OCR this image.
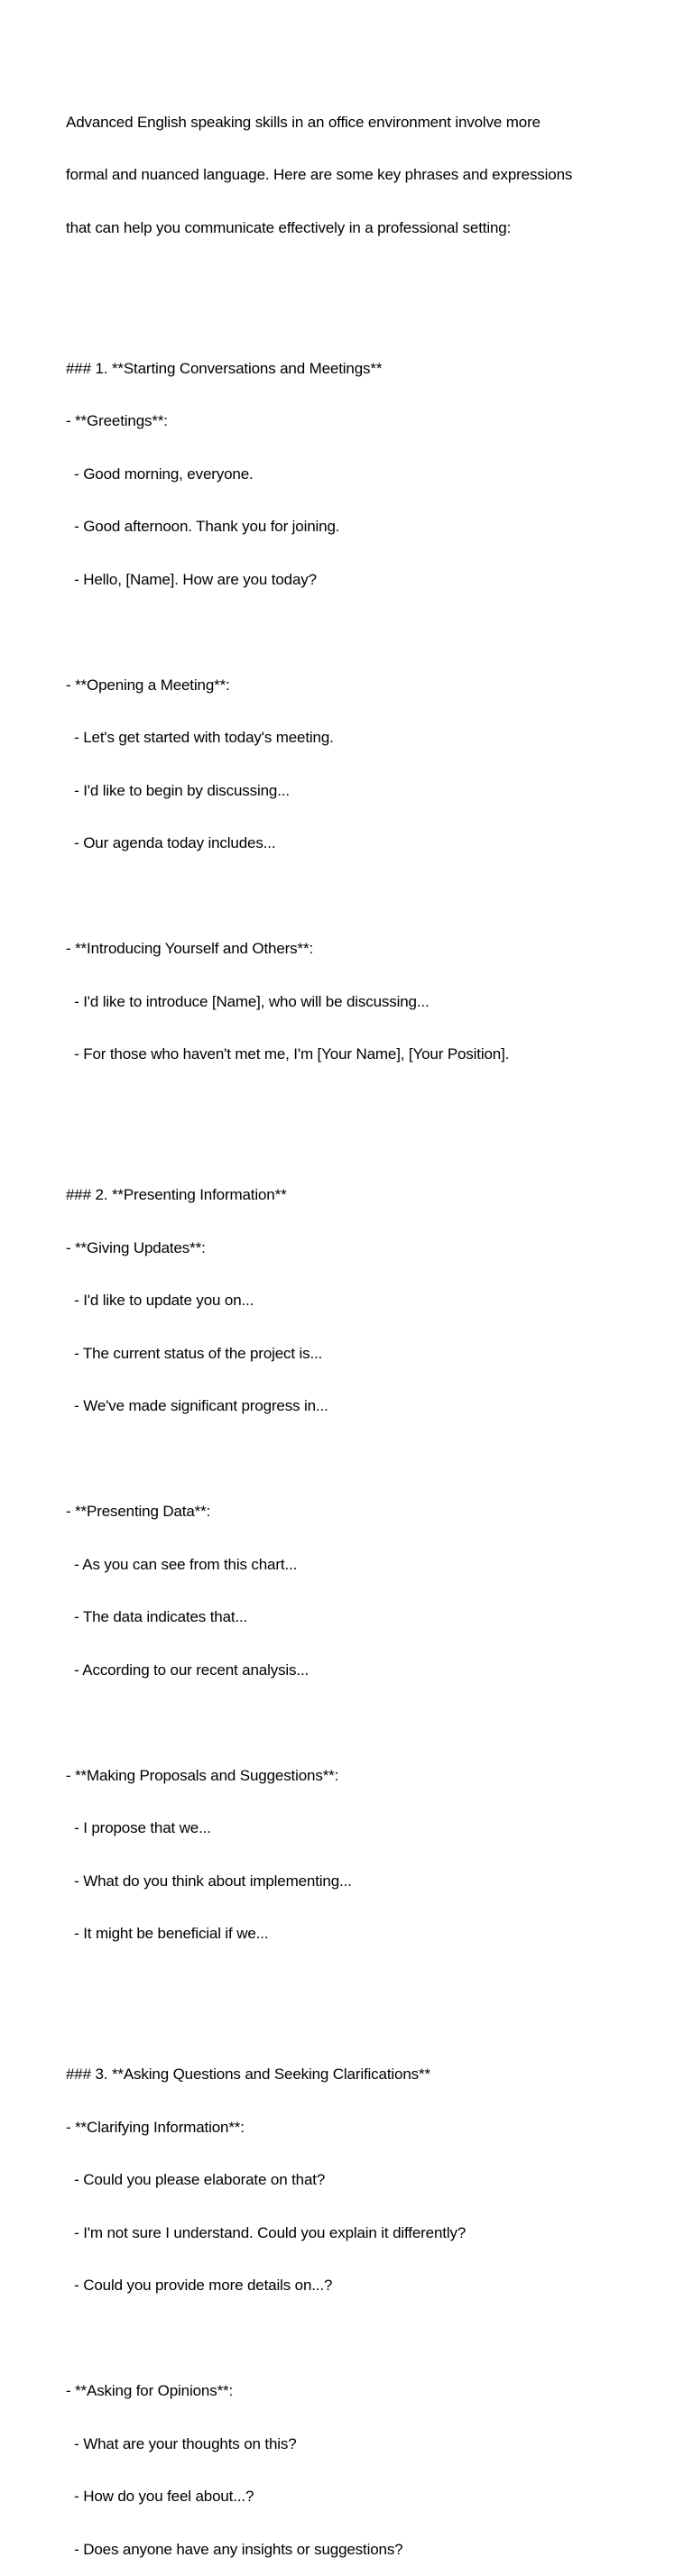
Advanced English speaking skills in an office environment involve more

formal and nuanced language. Here are some key phrases and expressions

that can help you communicate effectively in a professional setting:

### 1. **Starting Conversations and Meetings**

- **Greetings**:

- Good morning, everyone.

- Good afternoon. Thank you for joining.

- Hello, [Name]. How are you today?

- **Opening a Meeting**:

- Let's get started with today's meeting.

- I'd like to begin by discussing...

- Our agenda today includes...

- **Introducing Yourself and Others**:

- I'd like to introduce [Name], who will be discussing...

- For those who haven't met me, I'm [Your Name], [Your Position].

### 2. **Presenting Information**

- **Giving Updates**:

- I'd like to update you on...

- The current status of the project is...

- We've made significant progress in...

- **Presenting Data**:

- As you can see from this chart...

- The data indicates that...

- According to our recent analysis...

- **Making Proposals and Suggestions**:

- I propose that we...

- What do you think about implementing...

- It might be beneficial if we...

### 3. **Asking Questions and Seeking Clarifications**

- **Clarifying Information**:

- Could you please elaborate on that?

- I'm not sure I understand. Could you explain it differently?

- Could you provide more details on...?

- **Asking for Opinions**:

- What are your thoughts on this?

- How do you feel about...?

- Does anyone have any insights or suggestions?
